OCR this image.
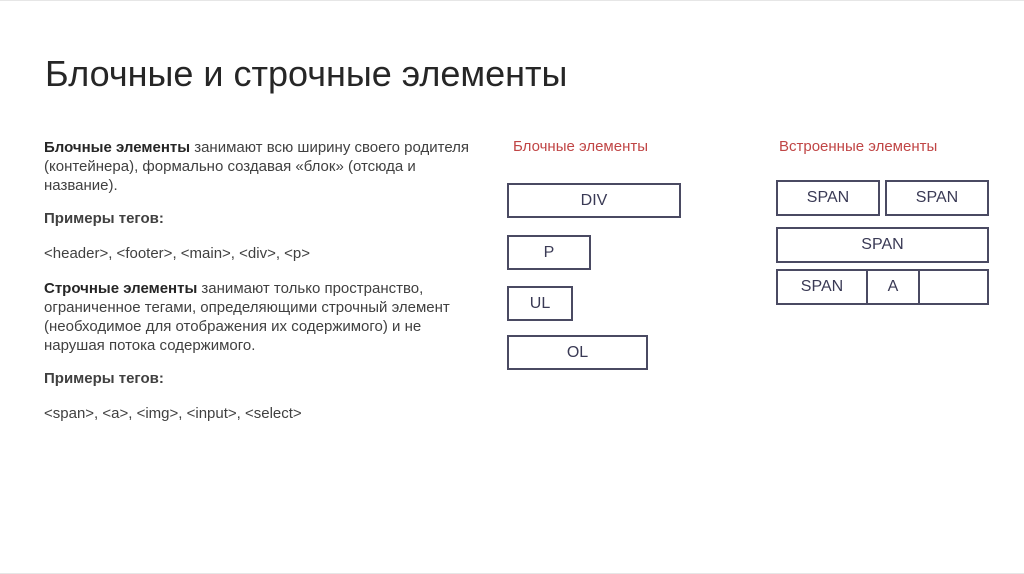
Блочные и строчные элементы

Блочные элементы занимают всю ширину своего родителя (контейнера), формально создавая «блок» (отсюда и название).

Примеры тегов:

<header>, <footer>, <main>, <div>, <p>

Строчные элементы занимают только пространство, ограниченное тегами, определяющими строчный элемент (необходимое для отображения их содержимого) и не нарушая потока содержимого.

Примеры тегов:

<span>, <a>, <img>, <input>, <select>

Блочные элементы
DIV
P
UL
OL
Встроенные элементы
SPAN	SPAN
SPAN
SPAN	A
